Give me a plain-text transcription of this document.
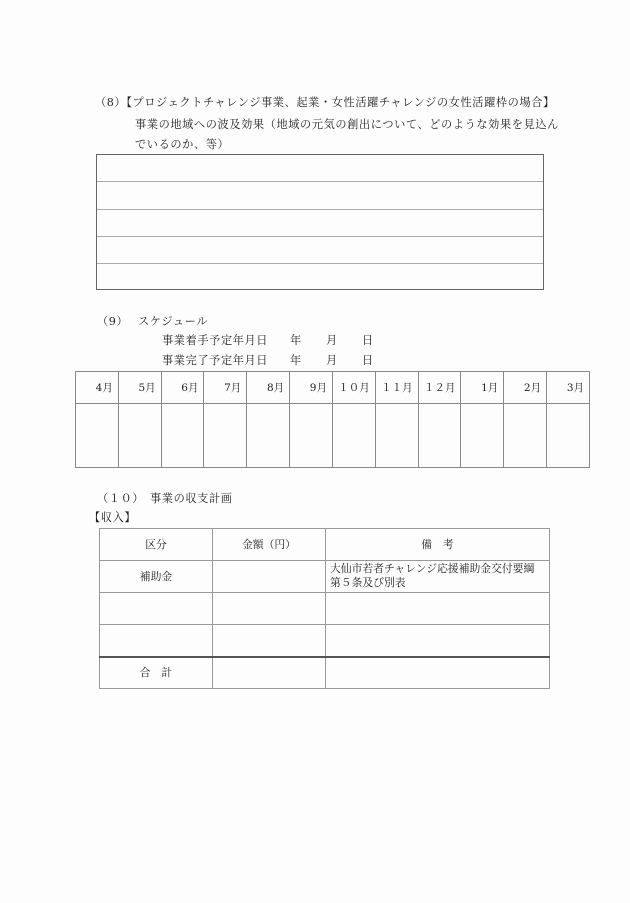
（8）【プロジェクトチャレンジ事業、起業・女性活躍チャレンジの女性活躍枠の場合】
事業の地域への波及効果（地域の元気の創出について、どのような効果を見込ん
でいるのか、等）
（9） スケジュール
事業着手予定年月日 年 月 日
事業完了予定年月日 年 月 日
4月	5月	6月	7月	8月	9月	１０月	１１月	１２月	1月	2月	3月

（１０） 事業の収支計画
【収入】
区分	金額（円）	備　考
補助金		大仙市若者チャレンジ応援補助金交付要綱第５条及び別表

合　計		
